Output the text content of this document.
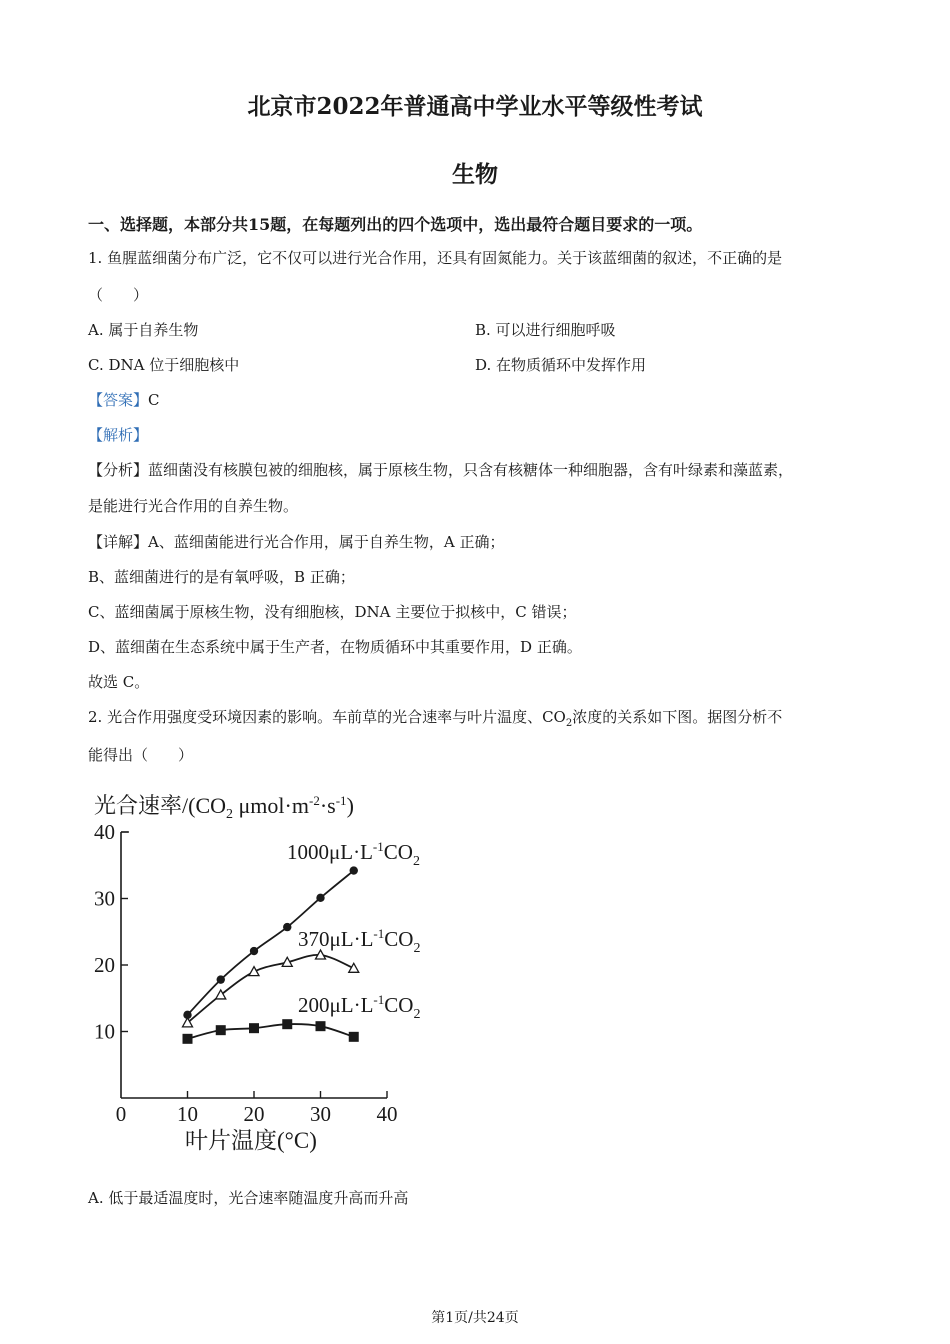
北京市2022年普通高中学业水平等级性考试
生物
一、选择题，本部分共15题，在每题列出的四个选项中，选出最符合题目要求的一项。
1. 鱼腥蓝细菌分布广泛，它不仅可以进行光合作用，还具有固氮能力。关于该蓝细菌的叙述，不正确的是
（　　）
A. 属于自养生物	B. 可以进行细胞呼吸
C. DNA 位于细胞核中	D. 在物质循环中发挥作用
【答案】C
【解析】
【分析】蓝细菌没有核膜包被的细胞核，属于原核生物，只含有核糖体一种细胞器，含有叶绿素和藻蓝素，
是能进行光合作用的自养生物。
【详解】A、蓝细菌能进行光合作用，属于自养生物，A 正确；
B、蓝细菌进行的是有氧呼吸，B 正确；
C、蓝细菌属于原核生物，没有细胞核，DNA 主要位于拟核中，C 错误；
D、蓝细菌在生态系统中属于生产者，在物质循环中其重要作用，D 正确。
故选 C。
2. 光合作用强度受环境因素的影响。车前草的光合速率与叶片温度、$CO_2$浓度的关系如下图。据图分析不
能得出（　　）
光合速率$/(CO_2$ $\mu mol\cdot m^{-2}\cdot s^{-1}$)
10
20
30
40
0 10 20 30 40
$1000\mu L\cdot L^{-1}CO_2$
$370\mu L\cdot L^{-1}CO_2$
$200\mu L\cdot L^{-1}CO_2$
叶片温度(°C)
A. 低于最适温度时，光合速率随温度升高而升高
第1页/共24页
